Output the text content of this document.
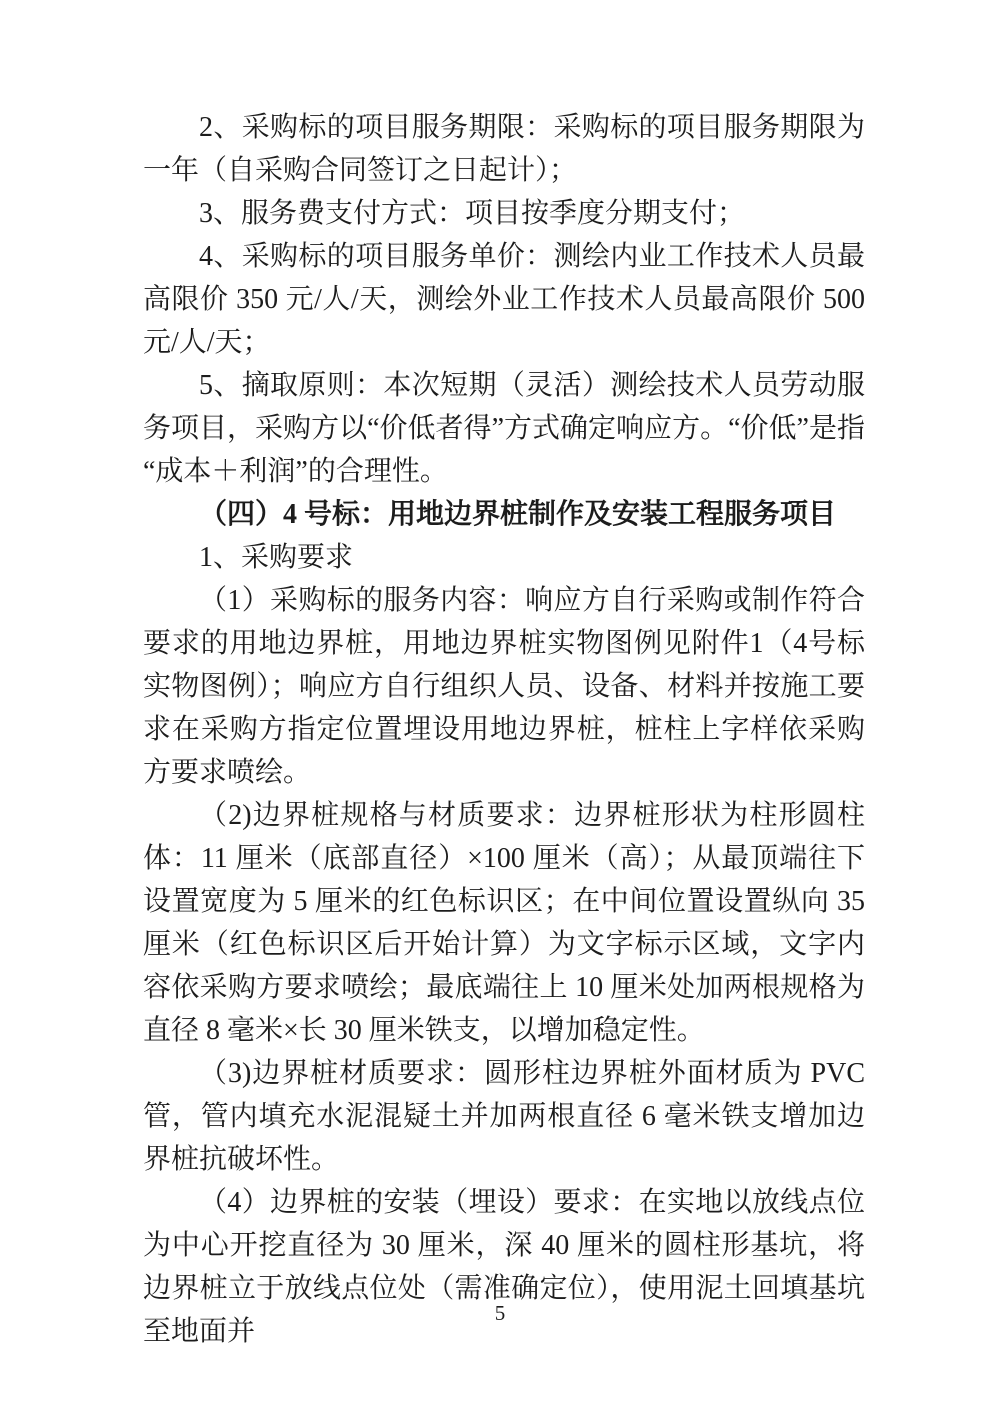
2、采购标的项目服务期限：采购标的项目服务期限为一年（自采购合同签订之日起计）；

3、服务费支付方式：项目按季度分期支付；

4、采购标的项目服务单价：测绘内业工作技术人员最高限价 350 元/人/天，测绘外业工作技术人员最高限价 500 元/人/天；

5、摘取原则：本次短期（灵活）测绘技术人员劳动服务项目，采购方以“价低者得”方式确定响应方。“价低”是指“成本＋利润”的合理性。

（四）4 号标：用地边界桩制作及安装工程服务项目

1、采购要求

（1）采购标的服务内容：响应方自行采购或制作符合要求的用地边界桩，用地边界桩实物图例见附件1（4号标实物图例）；响应方自行组织人员、设备、材料并按施工要求在采购方指定位置埋设用地边界桩，桩柱上字样依采购方要求喷绘。

（2)边界桩规格与材质要求：边界桩形状为柱形圆柱体：11 厘米（底部直径）×100 厘米（高）；从最顶端往下设置宽度为 5 厘米的红色标识区；在中间位置设置纵向 35 厘米（红色标识区后开始计算）为文字标示区域，文字内容依采购方要求喷绘；最底端往上 10 厘米处加两根规格为直径 8 毫米×长 30 厘米铁支，以增加稳定性。

（3)边界桩材质要求：圆形柱边界桩外面材质为 PVC 管，管内填充水泥混疑土并加两根直径 6 毫米铁支增加边界桩抗破坏性。

（4）边界桩的安装（埋设）要求：在实地以放线点位为中心开挖直径为 30 厘米，深 40 厘米的圆柱形基坑，将边界桩立于放线点位处（需准确定位），使用泥土回填基坑至地面并

5
